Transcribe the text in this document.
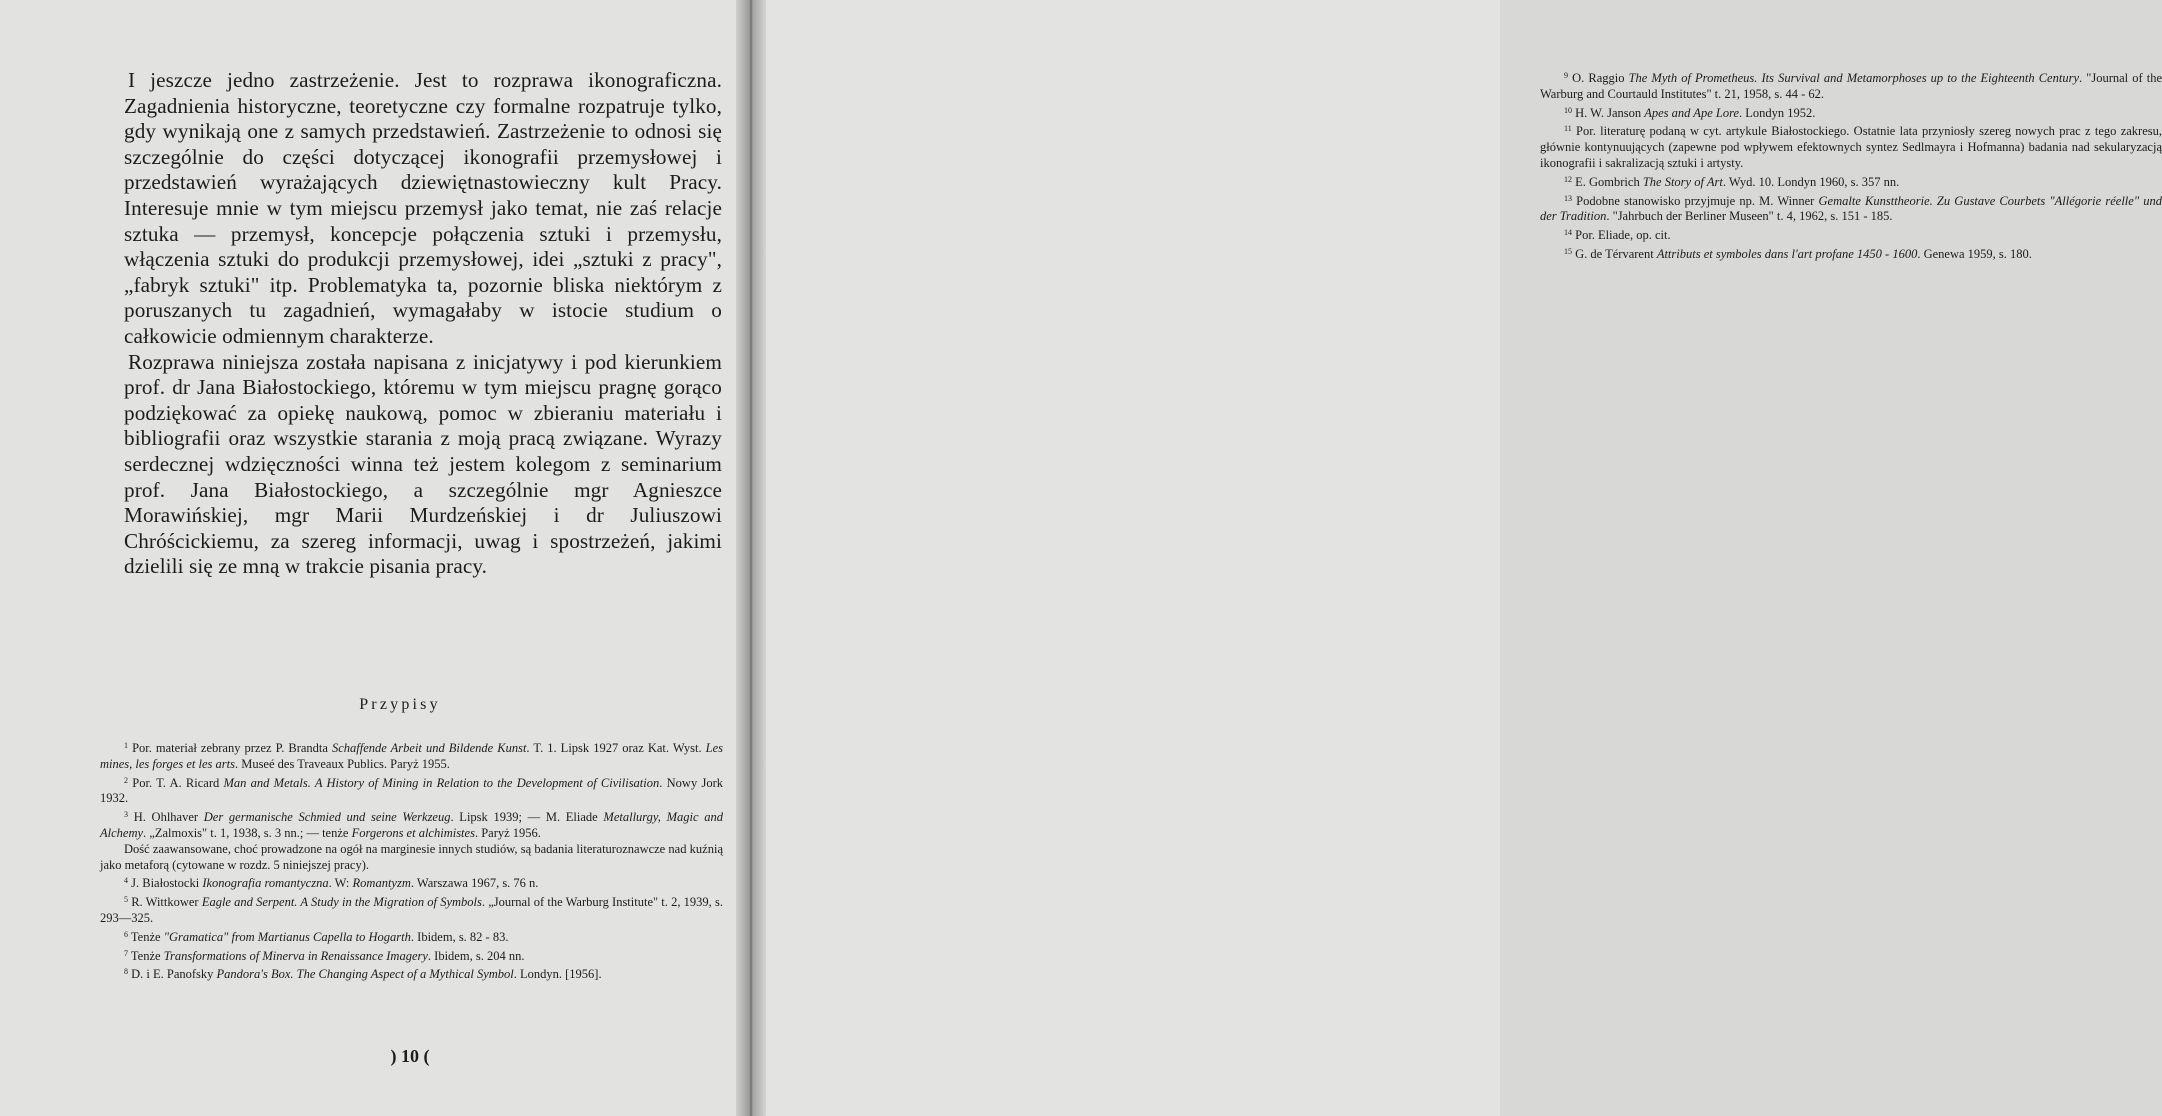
I jeszcze jedno zastrzeżenie. Jest to rozprawa ikonograficzna. Zagadnienia historyczne, teoretyczne czy formalne rozpatruje tylko, gdy wynikają one z samych przedstawień. Zastrzeżenie to odnosi się szczególnie do części dotyczącej ikonografii przemysłowej i przedstawień wyrażających dziewiętnastowieczny kult Pracy. Interesuje mnie w tym miejscu przemysł jako temat, nie zaś relacje sztuka — przemysł, koncepcje połączenia sztuki i przemysłu, włączenia sztuki do produkcji przemysłowej, idei „sztuki z pracy", „fabryk sztuki" itp. Problematyka ta, pozornie bliska niektórym z poruszanych tu zagadnień, wymagałaby w istocie studium o całkowicie odmiennym charakterze.

Rozprawa niniejsza została napisana z inicjatywy i pod kierunkiem prof. dr Jana Białostockiego, któremu w tym miejscu pragnę gorąco podziękować za opiekę naukową, pomoc w zbieraniu materiału i bibliografii oraz wszystkie starania z moją pracą związane. Wyrazy serdecznej wdzięczności winna też jestem kolegom z seminarium prof. Jana Białostockiego, a szczególnie mgr Agnieszce Morawińskiej, mgr Marii Murdzeńskiej i dr Juliuszowi Chróścickiemu, za szereg informacji, uwag i spostrzeżeń, jakimi dzielili się ze mną w trakcie pisania pracy.

Przypisy

$^1$ Por. materiał zebrany przez P. Brandta Schaffende Arbeit und Bildende Kunst. T. 1. Lipsk 1927 oraz Kat. Wyst. Les mines, les forges et les arts. Museé des Traveaux Publics. Paryż 1955.

$^2$ Por. T. A. Ricard Man and Metals. A History of Mining in Relation to the Development of Civilisation. Nowy Jork 1932.

$^3$ H. Ohlhaver Der germanische Schmied und seine Werkzeug. Lipsk 1939; — M. Eliade Metallurgy, Magic and Alchemy. „Zalmoxis" t. 1, 1938, s. 3 nn.; — tenże Forgerons et alchimistes. Paryż 1956.

Dość zaawansowane, choć prowadzone na ogół na marginesie innych studiów, są badania literaturoznawcze nad kuźnią jako metaforą (cytowane w rozdz. 5 niniejszej pracy).

$^4$ J. Białostocki Ikonografia romantyczna. W: Romantyzm. Warszawa 1967, s. 76 n.

$^5$ R. Wittkower Eagle and Serpent. A Study in the Migration of Symbols. „Journal of the Warburg Institute" t. 2, 1939, s. 293—325.

$^6$ Tenże "Gramatica" from Martianus Capella to Hogarth. Ibidem, s. 82 - 83.

$^7$ Tenże Transformations of Minerva in Renaissance Imagery. Ibidem, s. 204 nn.

$^8$ D. i E. Panofsky Pandora's Box. The Changing Aspect of a Mythical Symbol. Londyn. [1956].

) 10 (

$^9$ O. Raggio The Myth of Prometheus. Its Survival and Metamorphoses up to the Eighteenth Century. "Journal of the Warburg and Courtauld Institutes" t. 21, 1958, s. 44 - 62.

$^{10}$ H. W. Janson Apes and Ape Lore. Londyn 1952.

$^{11}$ Por. literaturę podaną w cyt. artykule Białostockiego. Ostatnie lata przyniosły szereg nowych prac z tego zakresu, głównie kontynuujących (zapewne pod wpływem efektownych syntez Sedlmayra i Hofmanna) badania nad sekularyzacją ikonografii i sakralizacją sztuki i artysty.

$^{12}$ E. Gombrich The Story of Art. Wyd. 10. Londyn 1960, s. 357 nn.

$^{13}$ Podobne stanowisko przyjmuje np. M. Winner Gemalte Kunsttheorie. Zu Gustave Courbets "Allégorie réelle" und der Tradition. "Jahrbuch der Berliner Museen" t. 4, 1962, s. 151 - 185.

$^{14}$ Por. Eliade, op. cit.

$^{15}$ G. de Térvarent Attributs et symboles dans l'art profane 1450 - 1600. Genewa 1959, s. 180.
